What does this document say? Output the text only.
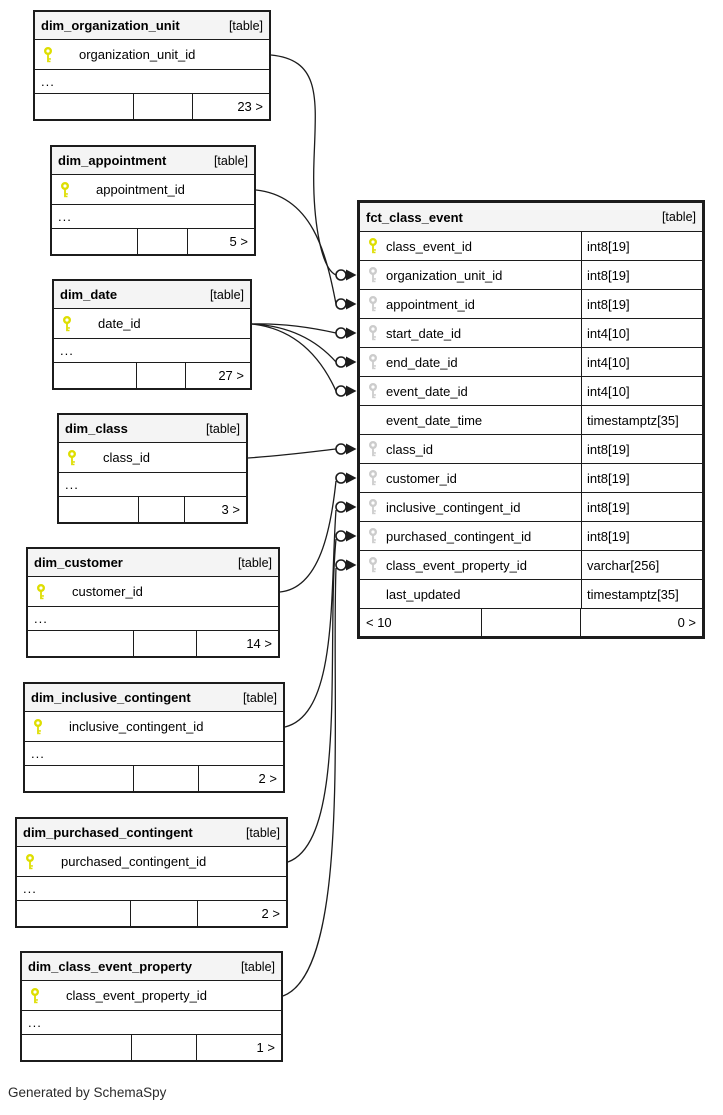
dim_organization_unit	[table]
organization_unit_id
...
23 >
dim_appointment	[table]
appointment_id
...
5 >
dim_date	[table]
date_id
...
27 >
dim_class	[table]
class_id
...
3 >
dim_customer	[table]
customer_id
...
14 >
dim_inclusive_contingent	[table]
inclusive_contingent_id
...
2 >
dim_purchased_contingent	[table]
purchased_contingent_id
...
2 >
dim_class_event_property	[table]
class_event_property_id
...
1 >
fct_class_event	[table]
class_event_id	int8[19]
organization_unit_id	int8[19]
appointment_id	int8[19]
start_date_id	int4[10]
end_date_id	int4[10]
event_date_id	int4[10]
event_date_time	timestamptz[35]
class_id	int8[19]
customer_id	int8[19]
inclusive_contingent_id	int8[19]
purchased_contingent_id	int8[19]
class_event_property_id	varchar[256]
last_updated	timestamptz[35]
< 10	0 >
Generated by SchemaSpy
